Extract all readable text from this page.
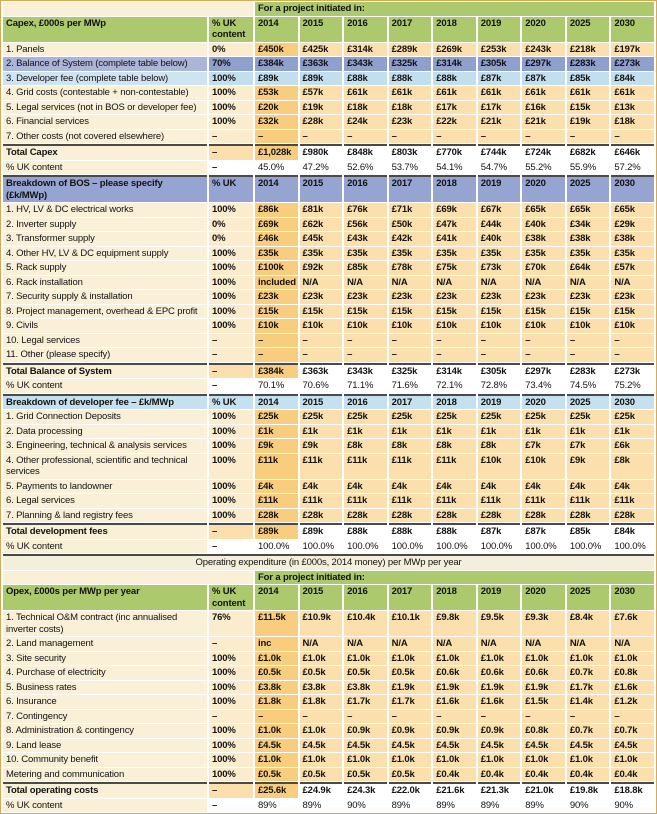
		For a project initiated in:								
Capex, £000s per MWp	% UK content	2014	2015	2016	2017	2018	2019	2020	2025	2030
1. Panels	0%	£450k	£425k	£314k	£289k	£269k	£253k	£243k	£218k	£197k
2. Balance of System (complete table below)	70%	£384k	£363k	£343k	£325k	£314k	£305k	£297k	£283k	£273k
3. Developer fee (complete table below)	100%	£89k	£89k	£88k	£88k	£88k	£87k	£87k	£85k	£84k
4. Grid costs (contestable + non-contestable)	100%	£53k	£57k	£61k	£61k	£61k	£61k	£61k	£61k	£61k
5. Legal services (not in BOS or developer fee)	100%	£20k	£19k	£18k	£18k	£17k	£17k	£16k	£15k	£13k
6. Financial services	100%	£32k	£28k	£24k	£23k	£22k	£21k	£21k	£19k	£18k
7. Other costs (not covered elsewhere)	–	–	–	–	–	–	–	–	–	–
Total Capex	–	£1,028k	£980k	£848k	£803k	£770k	£744k	£724k	£682k	£646k
% UK content	–	45.0%	47.2%	52.6%	53.7%	54.1%	54.7%	55.2%	55.9%	57.2%
Breakdown of BOS – please specify (£k/MWp)	% UK	2014	2015	2016	2017	2018	2019	2020	2025	2030
1. HV, LV & DC electrical works	100%	£86k	£81k	£76k	£71k	£69k	£67k	£65k	£65k	£65k
2. Inverter supply	0%	£69k	£62k	£56k	£50k	£47k	£44k	£40k	£34k	£29k
3. Transformer supply	0%	£46k	£45k	£43k	£42k	£41k	£40k	£38k	£38k	£38k
4. Other HV, LV & DC equipment supply	100%	£35k	£35k	£35k	£35k	£35k	£35k	£35k	£35k	£35k
5. Rack supply	100%	£100k	£92k	£85k	£78k	£75k	£73k	£70k	£64k	£57k
6. Rack installation	100%	included	N/A	N/A	N/A	N/A	N/A	N/A	N/A	N/A
7. Security supply & installation	100%	£23k	£23k	£23k	£23k	£23k	£23k	£23k	£23k	£23k
8. Project management, overhead & EPC profit	100%	£15k	£15k	£15k	£15k	£15k	£15k	£15k	£15k	£15k
9. Civils	100%	£10k	£10k	£10k	£10k	£10k	£10k	£10k	£10k	£10k
10. Legal services	–	–	–	–	–	–	–	–	–	–
11. Other (please specify)	–	–	–	–	–	–	–	–	–	–
Total Balance of System	–	£384k	£363k	£343k	£325k	£314k	£305k	£297k	£283k	£273k
% UK content	–	70.1%	70.6%	71.1%	71.6%	72.1%	72.8%	73.4%	74.5%	75.2%
Breakdown of developer fee – £k/MWp	% UK	2014	2015	2016	2017	2018	2019	2020	2025	2030
1. Grid Connection Deposits	100%	£25k	£25k	£25k	£25k	£25k	£25k	£25k	£25k	£25k
2. Data processing	100%	£1k	£1k	£1k	£1k	£1k	£1k	£1k	£1k	£1k
3. Engineering, technical & analysis services	100%	£9k	£9k	£8k	£8k	£8k	£8k	£7k	£7k	£6k
4. Other professional, scientific and technical services	100%	£11k	£11k	£11k	£11k	£11k	£10k	£10k	£9k	£8k
5. Payments to landowner	100%	£4k	£4k	£4k	£4k	£4k	£4k	£4k	£4k	£4k
6. Legal services	100%	£11k	£11k	£11k	£11k	£11k	£11k	£11k	£11k	£11k
7. Planning & land registry fees	100%	£28k	£28k	£28k	£28k	£28k	£28k	£28k	£28k	£28k
Total development fees	–	£89k	£89k	£88k	£88k	£88k	£87k	£87k	£85k	£84k
% UK content	–	100.0%	100.0%	100.0%	100.0%	100.0%	100.0%	100.0%	100.0%	100.0%
Operating expenditure (in £000s, 2014 money) per MWp per year										
		For a project initiated in:								
Opex, £000s per MWp per year	% UK content	2014	2015	2016	2017	2018	2019	2020	2025	2030
1. Technical O&M contract (inc annualised inverter costs)	76%	£11.5k	£10.9k	£10.4k	£10.1k	£9.8k	£9.5k	£9.3k	£8.4k	£7.6k
2. Land management	–	inc	N/A	N/A	N/A	N/A	N/A	N/A	N/A	N/A
3. Site security	100%	£1.0k	£1.0k	£1.0k	£1.0k	£1.0k	£1.0k	£1.0k	£1.0k	£1.0k
4. Purchase of electricity	100%	£0.5k	£0.5k	£0.5k	£0.5k	£0.6k	£0.6k	£0.6k	£0.7k	£0.8k
5. Business rates	100%	£3.8k	£3.8k	£3.8k	£1.9k	£1.9k	£1.9k	£1.9k	£1.7k	£1.6k
6. Insurance	100%	£1.8k	£1.8k	£1.7k	£1.7k	£1.6k	£1.6k	£1.5k	£1.4k	£1.2k
7. Contingency	–	–	–	–	–	–	–	–	–	–
8. Administration & contingency	100%	£1.0k	£1.0k	£0.9k	£0.9k	£0.9k	£0.9k	£0.8k	£0.7k	£0.7k
9. Land lease	100%	£4.5k	£4.5k	£4.5k	£4.5k	£4.5k	£4.5k	£4.5k	£4.5k	£4.5k
10. Community benefit	100%	£1.0k	£1.0k	£1.0k	£1.0k	£1.0k	£1.0k	£1.0k	£1.0k	£1.0k
Metering and communication	100%	£0.5k	£0.5k	£0.5k	£0.5k	£0.4k	£0.4k	£0.4k	£0.4k	£0.4k
Total operating costs	–	£25.6k	£24.9k	£24.3k	£22.0k	£21.6k	£21.3k	£21.0k	£19.8k	£18.8k
% UK content	–	89%	89%	90%	89%	89%	89%	89%	90%	90%
